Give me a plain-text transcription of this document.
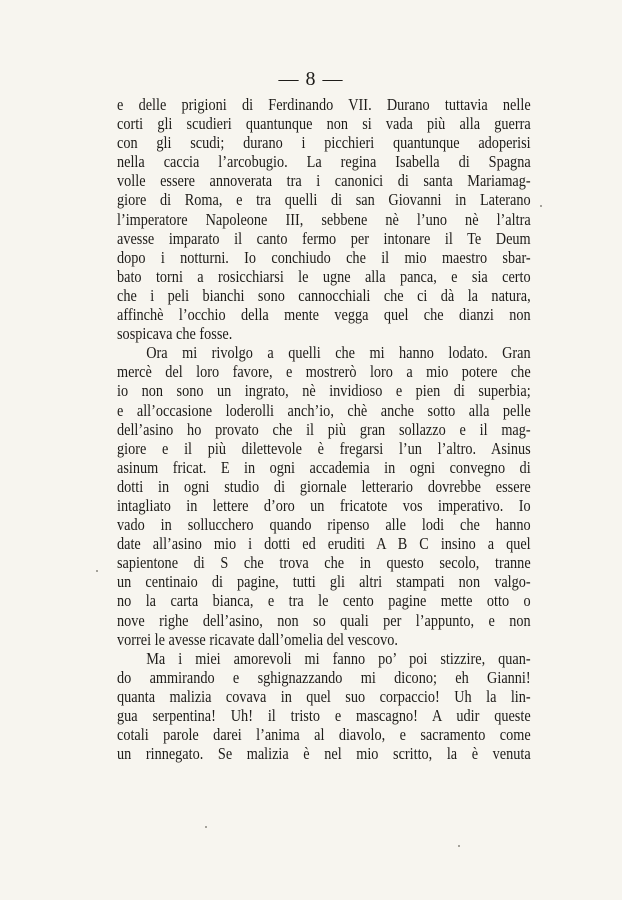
— 8 —
e delle prigioni di Ferdinando VII. Durano tuttavia nelle
corti gli scudieri quantunque non si vada più alla guerra
con gli scudi; durano i picchieri quantunque adoperisi
nella caccia l’arcobugio. La regina Isabella di Spagna
volle essere annoverata tra i canonici di santa Mariamag-
giore di Roma, e tra quelli di san Giovanni in Laterano
l’imperatore Napoleone III, sebbene nè l’uno nè l’altra
avesse imparato il canto fermo per intonare il Te Deum
dopo i notturni. Io conchiudo che il mio maestro sbar-
bato torni a rosicchiarsi le ugne alla panca, e sia certo
che i peli bianchi sono cannocchiali che ci dà la natura,
affinchè l’occhio della mente vegga quel che dianzi non
sospicava che fosse.
Ora mi rivolgo a quelli che mi hanno lodato. Gran
mercè del loro favore, e mostrerò loro a mio potere che
io non sono un ingrato, nè invidioso e pien di superbia;
e all’occasione loderolli anch’io, chè anche sotto alla pelle
dell’asino ho provato che il più gran sollazzo e il mag-
giore e il più dilettevole è fregarsi l’un l’altro. Asinus
asinum fricat. E in ogni accademia in ogni convegno di
dotti in ogni studio di giornale letterario dovrebbe essere
intagliato in lettere d’oro un fricatote vos imperativo. Io
vado in sollucchero quando ripenso alle lodi che hanno
date all’asino mio i dotti ed eruditi A B C insino a quel
sapientone di S che trova che in questo secolo, tranne
un centinaio di pagine, tutti gli altri stampati non valgo-
no la carta bianca, e tra le cento pagine mette otto o
nove righe dell’asino, non so quali per l’appunto, e non
vorrei le avesse ricavate dall’omelia del vescovo.
Ma i miei amorevoli mi fanno po’ poi stizzire, quan-
do ammirando e sghignazzando mi dicono; eh Gianni!
quanta malizia covava in quel suo corpaccio! Uh la lin-
gua serpentina! Uh! il tristo e mascagno! A udir queste
cotali parole darei l’anima al diavolo, e sacramento come
un rinnegato. Se malizia è nel mio scritto, la è venuta
